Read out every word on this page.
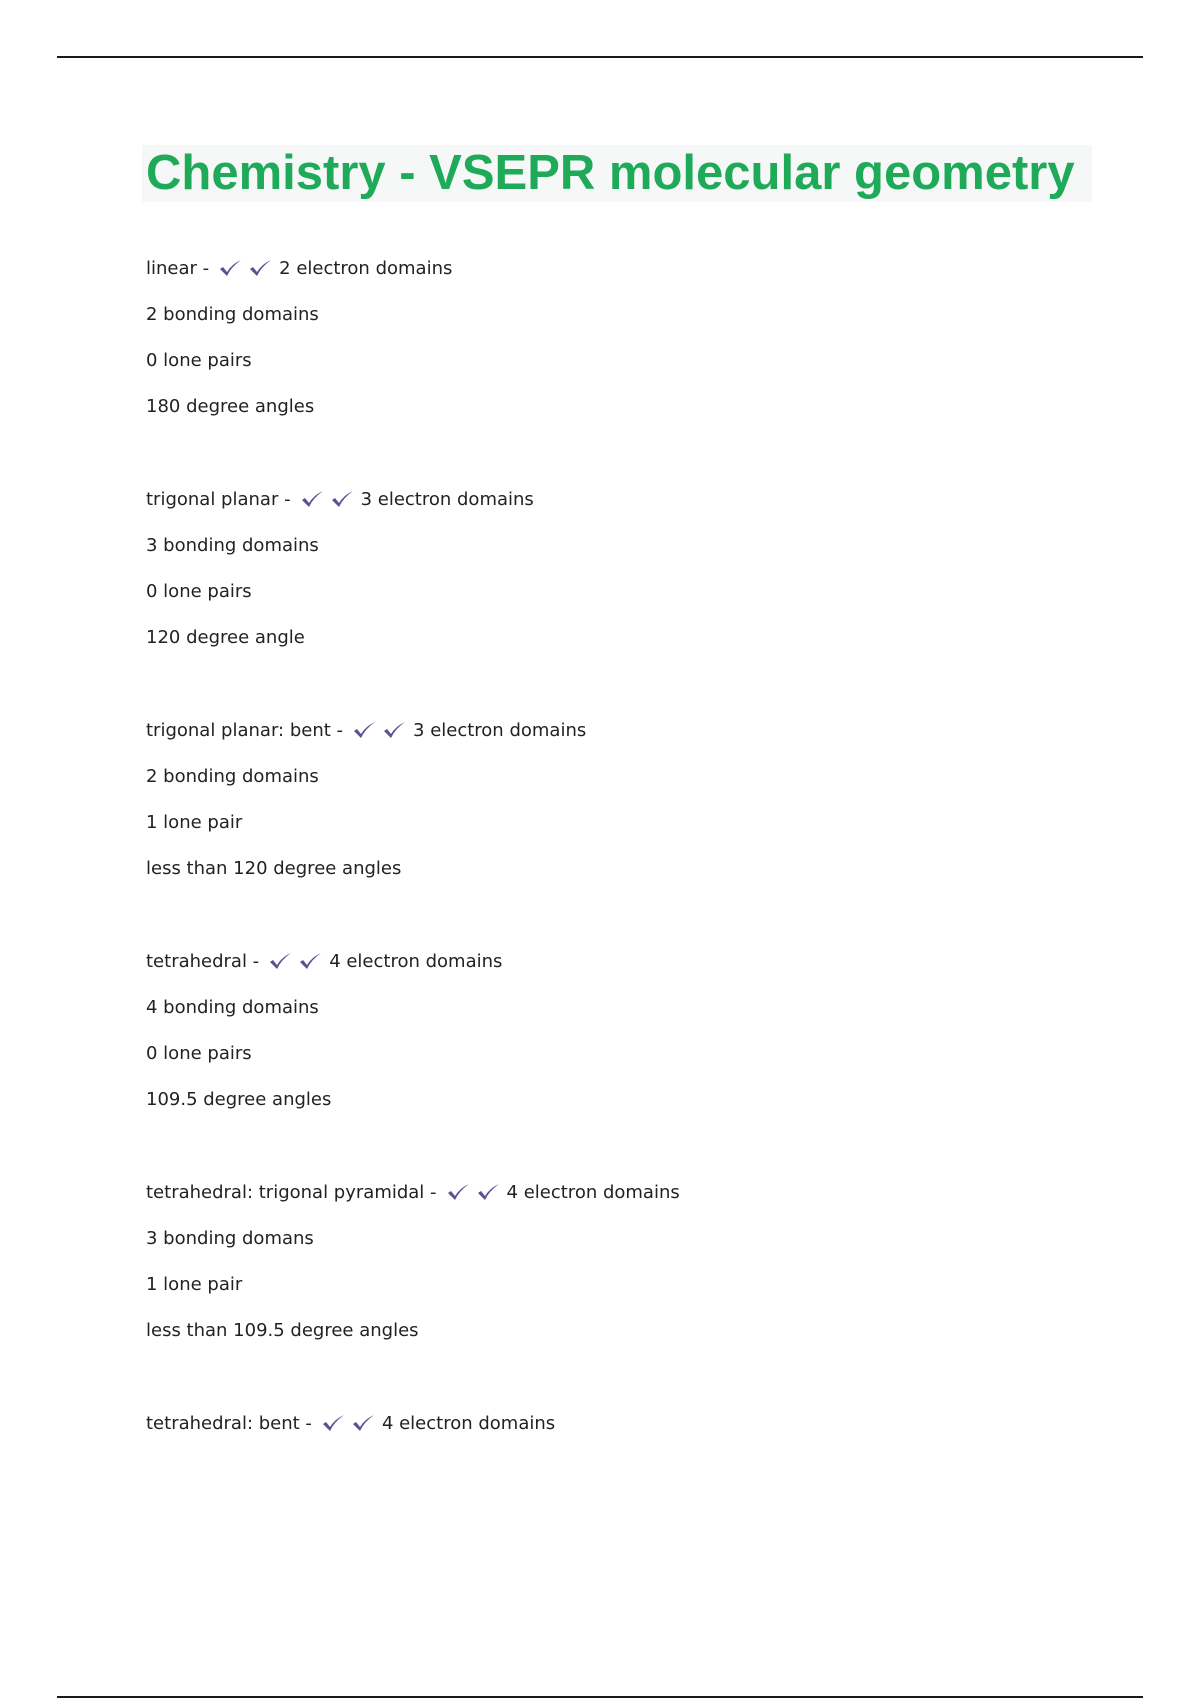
Chemistry - VSEPR molecular geometry
linear -	2 electron domains
2 bonding domains
0 lone pairs
180 degree angles
trigonal planar -	3 electron domains
3 bonding domains
0 lone pairs
120 degree angle
trigonal planar: bent -	3 electron domains
2 bonding domains
1 lone pair
less than 120 degree angles
tetrahedral -	4 electron domains
4 bonding domains
0 lone pairs
109.5 degree angles
tetrahedral: trigonal pyramidal -	4 electron domains
3 bonding domans
1 lone pair
less than 109.5 degree angles
tetrahedral: bent -	4 electron domains
